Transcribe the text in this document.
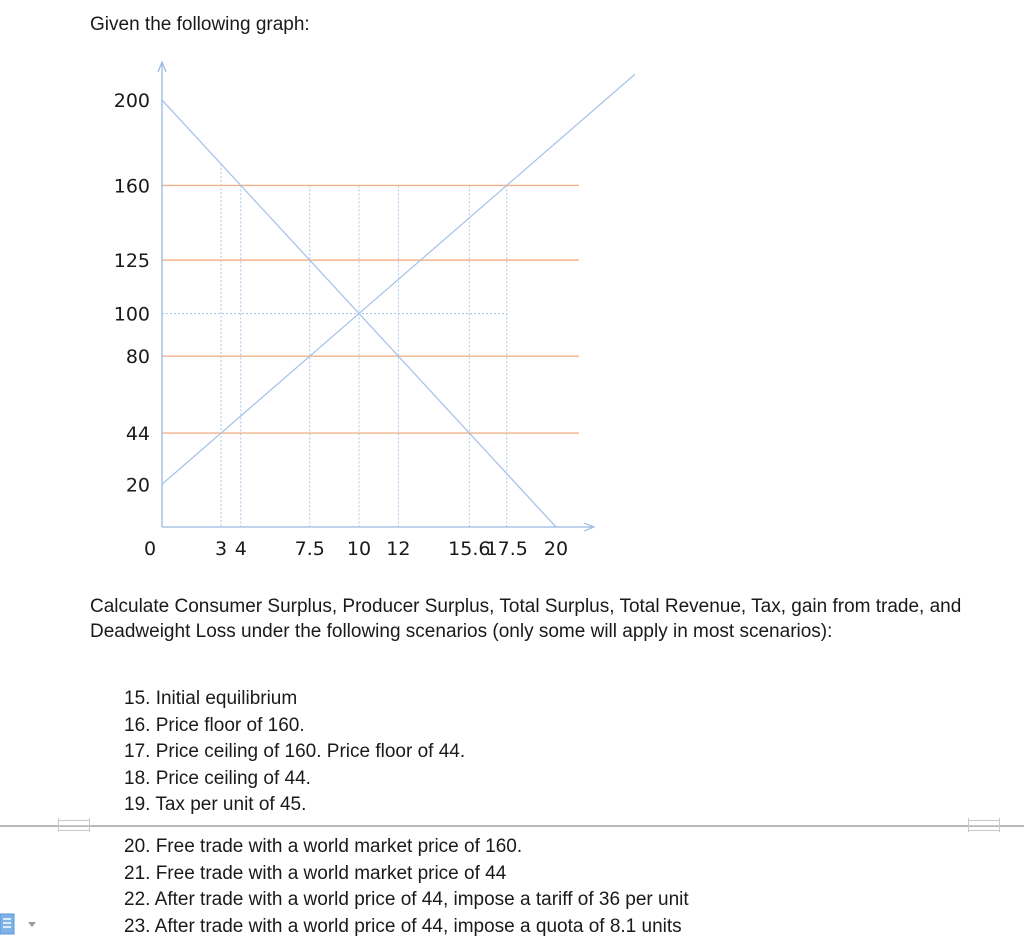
Given the following graph:

200
160
125
100
80
44
20
0	3 4	7.5 10 12 15.6
17.5 20

Calculate Consumer Surplus, Producer Surplus, Total Surplus, Total Revenue, Tax, gain from trade, and Deadweight Loss under the following scenarios (only some will apply in most scenarios):

15. Initial equilibrium
16. Price floor of 160.
17. Price ceiling of 160. Price floor of 44.
18. Price ceiling of 44.
19. Tax per unit of 45.
20. Free trade with a world market price of 160.
21. Free trade with a world market price of 44
22. After trade with a world price of 44, impose a tariff of 36 per unit
23. After trade with a world price of 44, impose a quota of 8.1 units
